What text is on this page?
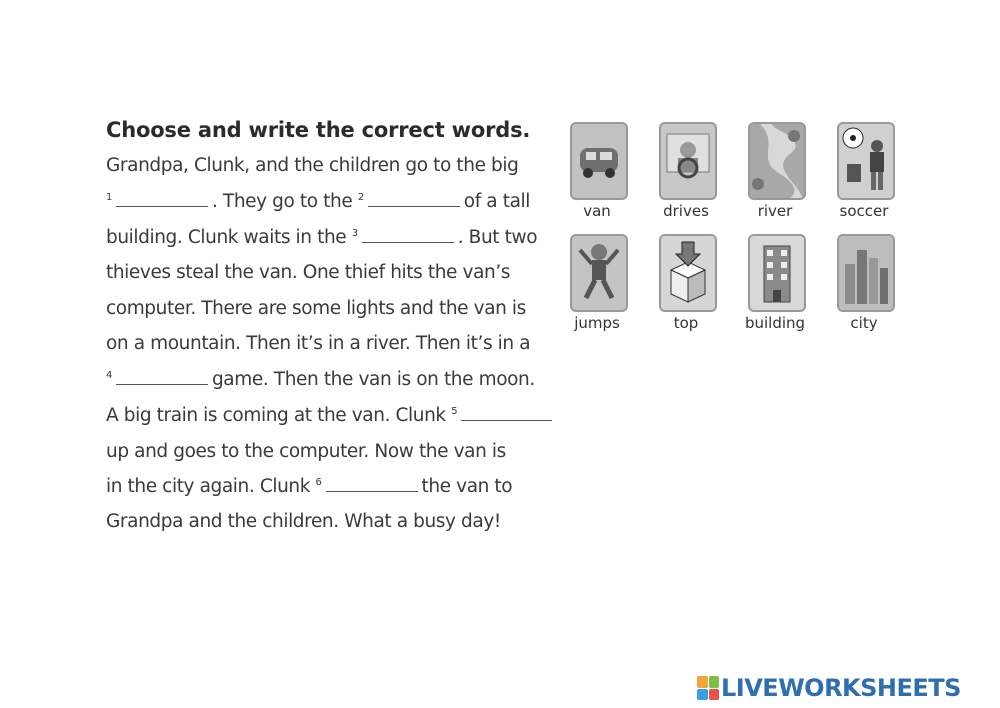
Choose and write the correct words.
Grandpa, Clunk, and the children go to the big
$^1$	. They go to the $^2$	of a tall
building. Clunk waits in the $^3$	. But two
thieves steal the van. One thief hits the van’s
computer. There are some lights and the van is
on a mountain. Then it’s in a river. Then it’s in a
$^4$	game. Then the van is on the moon.
A big train is coming at the van. Clunk $^5$
up and goes to the computer. Now the van is
in the city again. Clunk $^6$	the van to
Grandpa and the children. What a busy day!
van	drives	river	soccer
jumps	top	building	city
LIVEWORKSHEETS
